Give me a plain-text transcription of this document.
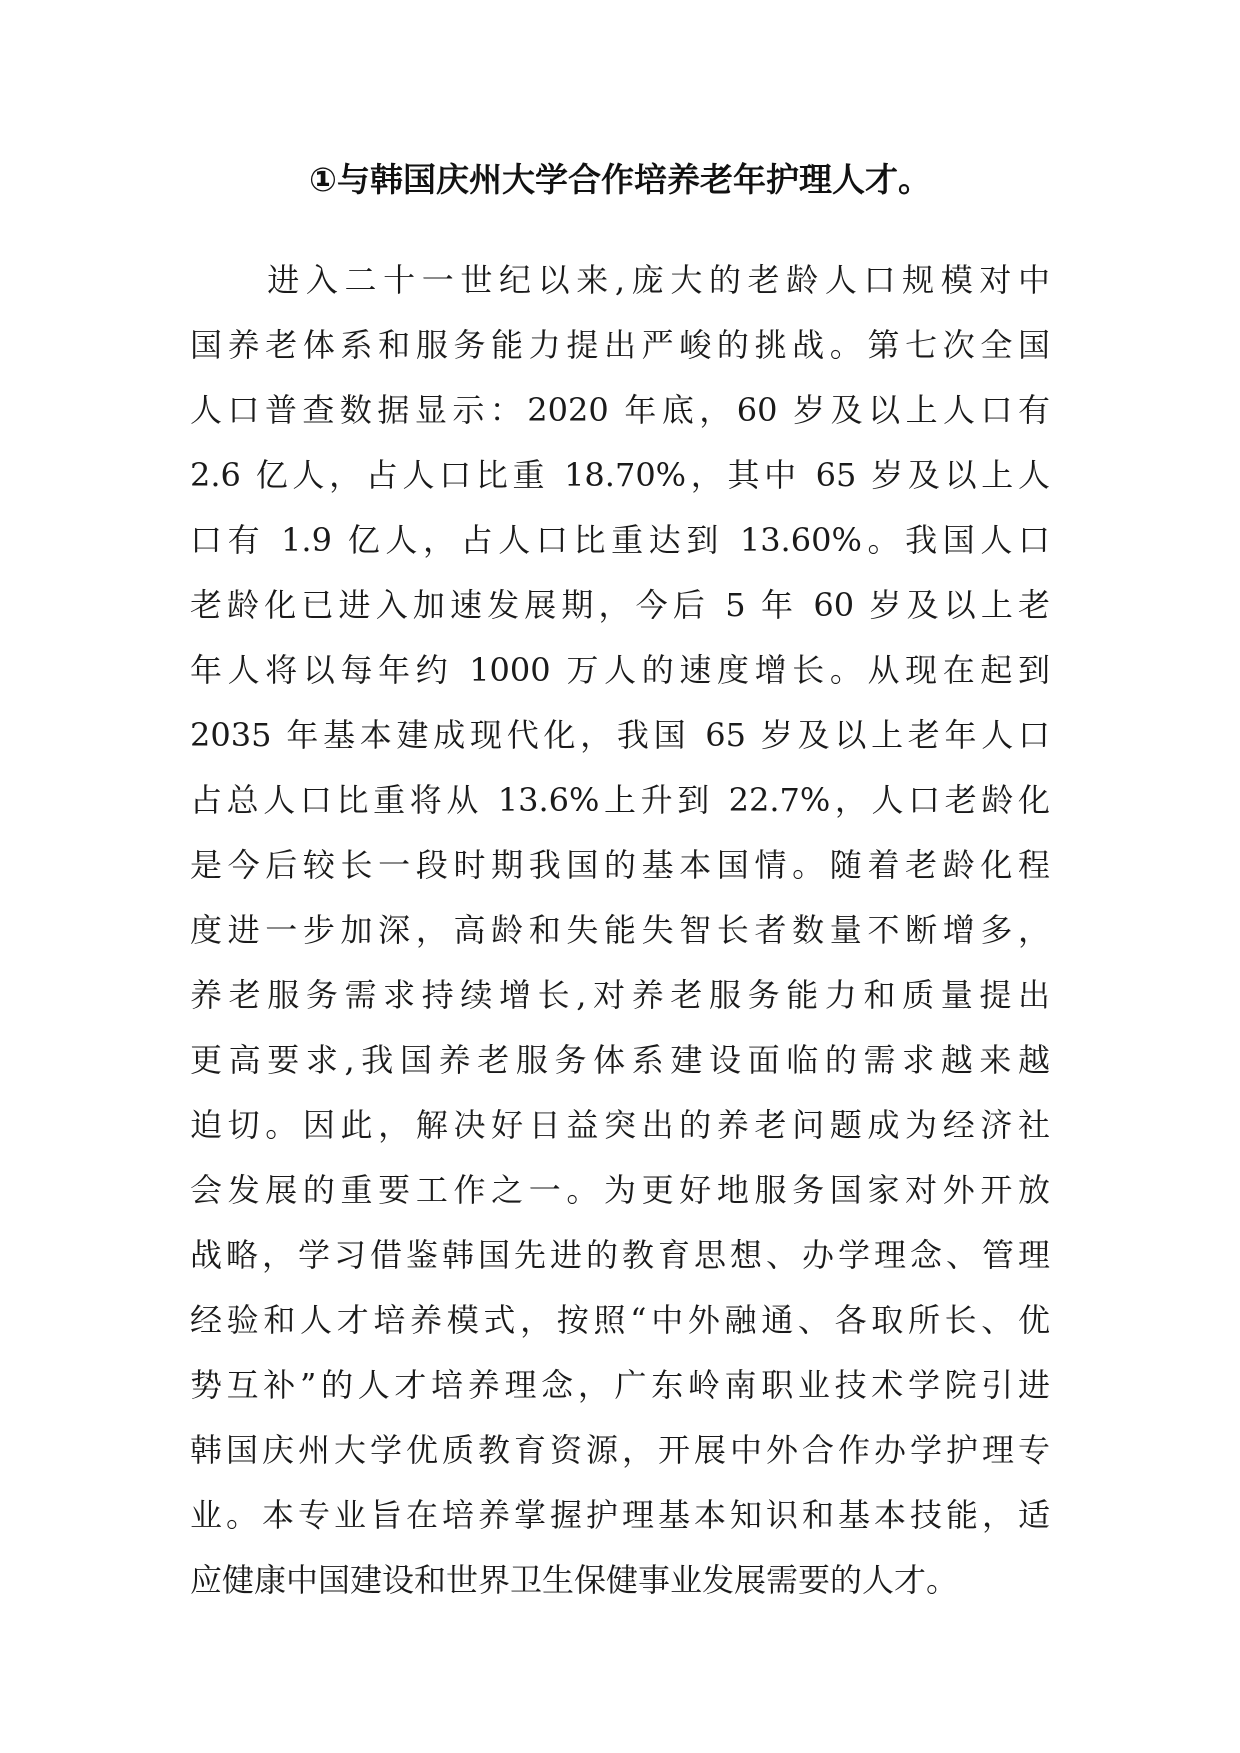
①与韩国庆州大学合作培养老年护理人才。
　　进入二十一世纪以来,庞大的老龄人口规模对中
国养老体系和服务能力提出严峻的挑战。第七次全国
人口普查数据显示：2020 年底，60 岁及以上人口有
2.6 亿人，占人口比重 18.70%，其中 65 岁及以上人
口有 1.9 亿人，占人口比重达到 13.60%。我国人口
老龄化已进入加速发展期，今后 5 年 60 岁及以上老
年人将以每年约 1000 万人的速度增长。从现在起到
2035 年基本建成现代化，我国 65 岁及以上老年人口
占总人口比重将从 13.6%上升到 22.7%，人口老龄化
是今后较长一段时期我国的基本国情。随着老龄化程
度进一步加深，高龄和失能失智长者数量不断增多，
养老服务需求持续增长,对养老服务能力和质量提出
更高要求,我国养老服务体系建设面临的需求越来越
迫切。因此，解决好日益突出的养老问题成为经济社
会发展的重要工作之一。为更好地服务国家对外开放
战略，学习借鉴韩国先进的教育思想、办学理念、管理
经验和人才培养模式，按照“中外融通、各取所长、优
势互补”的人才培养理念，广东岭南职业技术学院引进
韩国庆州大学优质教育资源，开展中外合作办学护理专
业。本专业旨在培养掌握护理基本知识和基本技能，适
应健康中国建设和世界卫生保健事业发展需要的人才。
